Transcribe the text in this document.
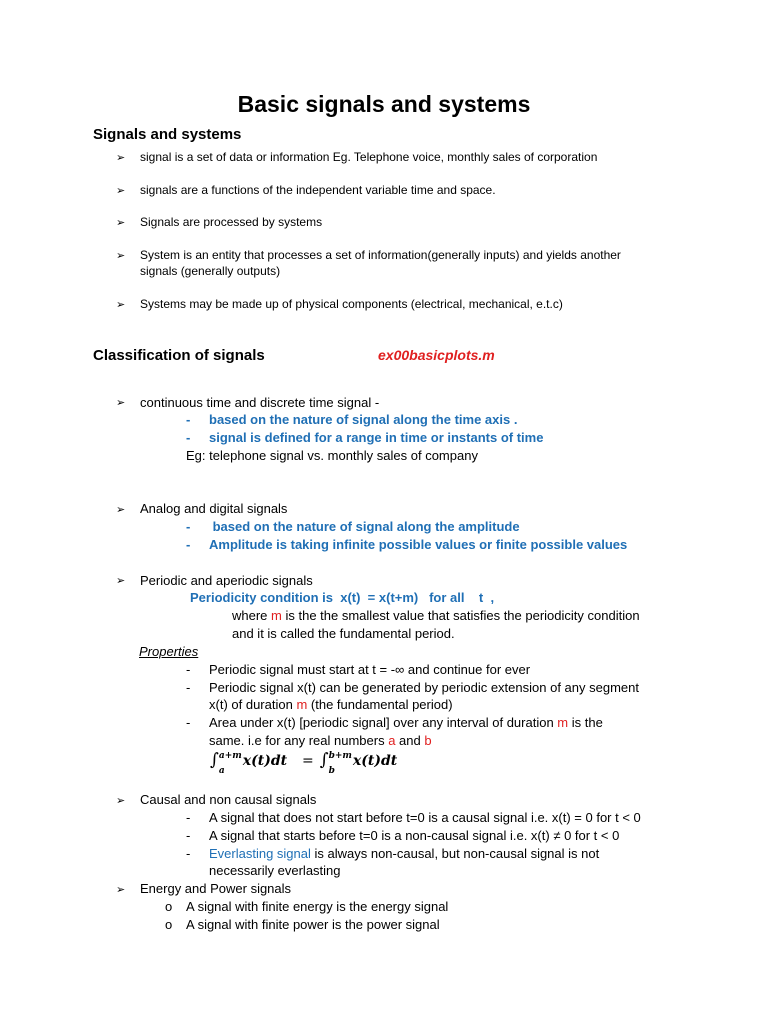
Basic signals and systems
Signals and systems
➢ signal is a set of data or information Eg. Telephone voice, monthly sales of corporation
➢ signals are a functions of the independent variable time and space.
➢ Signals are processed by systems
➢ System is an entity that processes a set of information(generally inputs) and yields another
signals (generally outputs)
➢ Systems may be made up of physical components (electrical, mechanical, e.t.c)
Classification of signals	ex00basicplots.m
➢ continuous time and discrete time signal -
- based on the nature of signal along the time axis .
- signal is defined for a range in time or instants of time
Eg: telephone signal vs. monthly sales of company
➢ Analog and digital signals
- based on the nature of signal along the amplitude
- Amplitude is taking infinite possible values or finite possible values
➢ Periodic and aperiodic signals
Periodicity condition is  x(t)  = x(t+m)   for all    t  ,
where m is the the smallest value that satisfies the periodicity condition
and it is called the fundamental period.
Properties
- Periodic signal must start at t = -∞ and continue for ever
- Periodic signal x(t) can be generated by periodic extension of any segment
x(t) of duration m (the fundamental period)
- Area under x(t) [periodic signal] over any interval of duration m is the
same. i.e for any real numbers a and b
∫ a+m
a
x(t)dt = ∫ b+m
b
x(t)dt
➢ Causal and non causal signals
- A signal that does not start before t=0 is a causal signal i.e. x(t) = 0 for t < 0
- A signal that starts before t=0 is a non-causal signal i.e. x(t) ≠ 0 for t < 0
- Everlasting signal is always non-causal, but non-causal signal is not
necessarily everlasting
➢ Energy and Power signals
o A signal with finite energy is the energy signal
o A signal with finite power is the power signal
